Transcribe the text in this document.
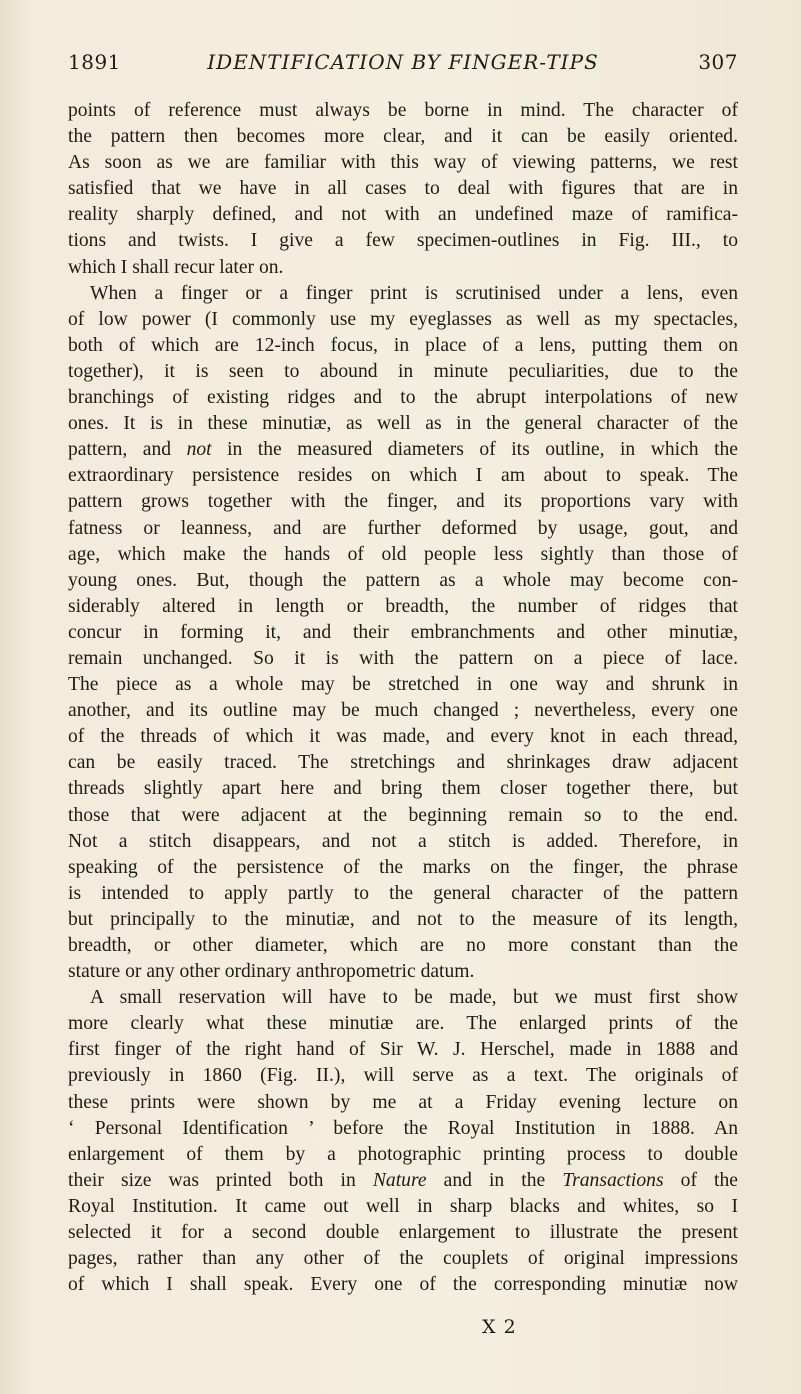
1891	IDENTIFICATION BY FINGER-TIPS	307
points of reference must always be borne in mind. The character of
the pattern then becomes more clear, and it can be easily oriented.
As soon as we are familiar with this way of viewing patterns, we rest
satisfied that we have in all cases to deal with figures that are in
reality sharply defined, and not with an undefined maze of ramifica-
tions and twists. I give a few specimen-outlines in Fig. III., to
which I shall recur later on.
When a finger or a finger print is scrutinised under a lens, even
of low power (I commonly use my eyeglasses as well as my spectacles,
both of which are 12-inch focus, in place of a lens, putting them on
together), it is seen to abound in minute peculiarities, due to the
branchings of existing ridges and to the abrupt interpolations of new
ones. It is in these minutiæ, as well as in the general character of the
pattern, and not in the measured diameters of its outline, in which the
extraordinary persistence resides on which I am about to speak. The
pattern grows together with the finger, and its proportions vary with
fatness or leanness, and are further deformed by usage, gout, and
age, which make the hands of old people less sightly than those of
young ones. But, though the pattern as a whole may become con-
siderably altered in length or breadth, the number of ridges that
concur in forming it, and their embranchments and other minutiæ,
remain unchanged. So it is with the pattern on a piece of lace.
The piece as a whole may be stretched in one way and shrunk in
another, and its outline may be much changed ; nevertheless, every one
of the threads of which it was made, and every knot in each thread,
can be easily traced. The stretchings and shrinkages draw adjacent
threads slightly apart here and bring them closer together there, but
those that were adjacent at the beginning remain so to the end.
Not a stitch disappears, and not a stitch is added. Therefore, in
speaking of the persistence of the marks on the finger, the phrase
is intended to apply partly to the general character of the pattern
but principally to the minutiæ, and not to the measure of its length,
breadth, or other diameter, which are no more constant than the
stature or any other ordinary anthropometric datum.
A small reservation will have to be made, but we must first show
more clearly what these minutiæ are. The enlarged prints of the
first finger of the right hand of Sir W. J. Herschel, made in 1888 and
previously in 1860 (Fig. II.), will serve as a text. The originals of
these prints were shown by me at a Friday evening lecture on
‘ Personal Identification ’ before the Royal Institution in 1888. An
enlargement of them by a photographic printing process to double
their size was printed both in Nature and in the Transactions of the
Royal Institution. It came out well in sharp blacks and whites, so I
selected it for a second double enlargement to illustrate the present
pages, rather than any other of the couplets of original impressions
of which I shall speak. Every one of the corresponding minutiæ now
X 2
